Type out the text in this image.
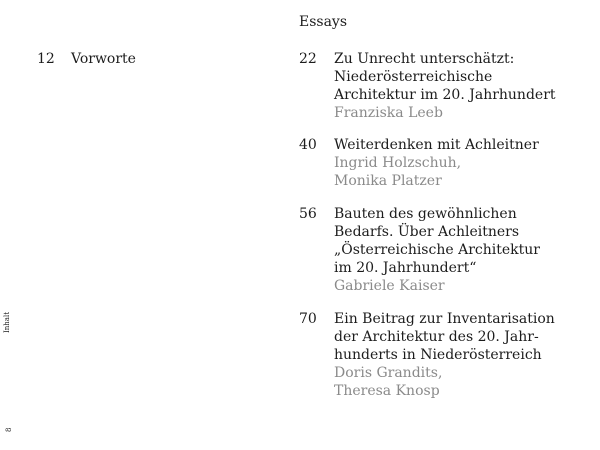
Inhalt
8
Essays
12 Vorworte	22 Zu Unrecht unterschätzt:
Niederösterreichische
Architektur im 20. Jahrhundert
Franziska Leeb
40 Weiterdenken mit Achleitner
Ingrid Holzschuh,
Monika Platzer
56 Bauten des gewöhnlichen
Bedarfs. Über Achleitners
„Österreichische Architektur
im 20. Jahrhundert“
Gabriele Kaiser
70 Ein Beitrag zur Inventarisation
der Architektur des 20. Jahr-
hunderts in Niederösterreich
Doris Grandits,
Theresa Knosp
